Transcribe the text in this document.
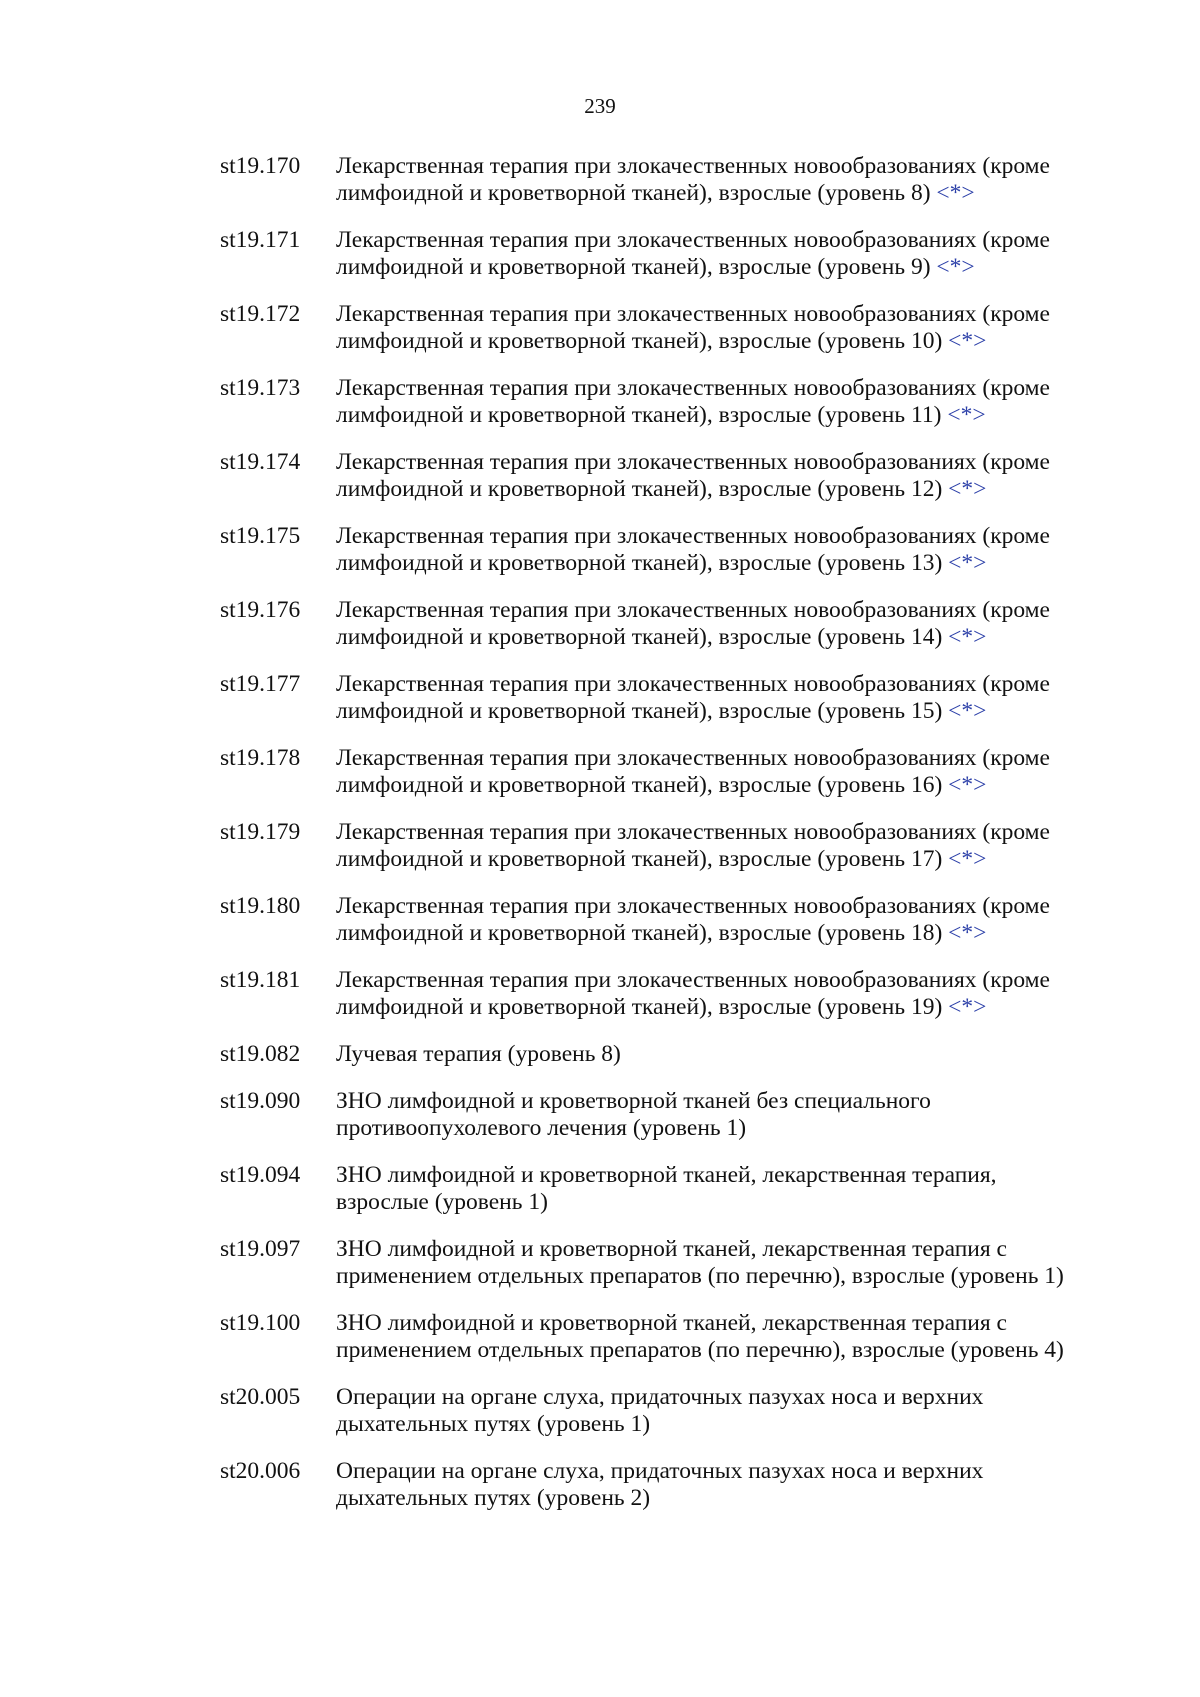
239
st19.170 Лекарственная терапия при злокачественных новообразованиях (кроме
лимфоидной и кроветворной тканей), взрослые (уровень 8) <*>
st19.171 Лекарственная терапия при злокачественных новообразованиях (кроме
лимфоидной и кроветворной тканей), взрослые (уровень 9) <*>
st19.172 Лекарственная терапия при злокачественных новообразованиях (кроме
лимфоидной и кроветворной тканей), взрослые (уровень 10) <*>
st19.173 Лекарственная терапия при злокачественных новообразованиях (кроме
лимфоидной и кроветворной тканей), взрослые (уровень 11) <*>
st19.174 Лекарственная терапия при злокачественных новообразованиях (кроме
лимфоидной и кроветворной тканей), взрослые (уровень 12) <*>
st19.175 Лекарственная терапия при злокачественных новообразованиях (кроме
лимфоидной и кроветворной тканей), взрослые (уровень 13) <*>
st19.176 Лекарственная терапия при злокачественных новообразованиях (кроме
лимфоидной и кроветворной тканей), взрослые (уровень 14) <*>
st19.177 Лекарственная терапия при злокачественных новообразованиях (кроме
лимфоидной и кроветворной тканей), взрослые (уровень 15) <*>
st19.178 Лекарственная терапия при злокачественных новообразованиях (кроме
лимфоидной и кроветворной тканей), взрослые (уровень 16) <*>
st19.179 Лекарственная терапия при злокачественных новообразованиях (кроме
лимфоидной и кроветворной тканей), взрослые (уровень 17) <*>
st19.180 Лекарственная терапия при злокачественных новообразованиях (кроме
лимфоидной и кроветворной тканей), взрослые (уровень 18) <*>
st19.181 Лекарственная терапия при злокачественных новообразованиях (кроме
лимфоидной и кроветворной тканей), взрослые (уровень 19) <*>
st19.082 Лучевая терапия (уровень 8)
st19.090 ЗНО лимфоидной и кроветворной тканей без специального
противоопухолевого лечения (уровень 1)
st19.094 ЗНО лимфоидной и кроветворной тканей, лекарственная терапия,
взрослые (уровень 1)
st19.097 ЗНО лимфоидной и кроветворной тканей, лекарственная терапия с
применением отдельных препаратов (по перечню), взрослые (уровень 1)
st19.100 ЗНО лимфоидной и кроветворной тканей, лекарственная терапия с
применением отдельных препаратов (по перечню), взрослые (уровень 4)
st20.005 Операции на органе слуха, придаточных пазухах носа и верхних
дыхательных путях (уровень 1)
st20.006 Операции на органе слуха, придаточных пазухах носа и верхних
дыхательных путях (уровень 2)
